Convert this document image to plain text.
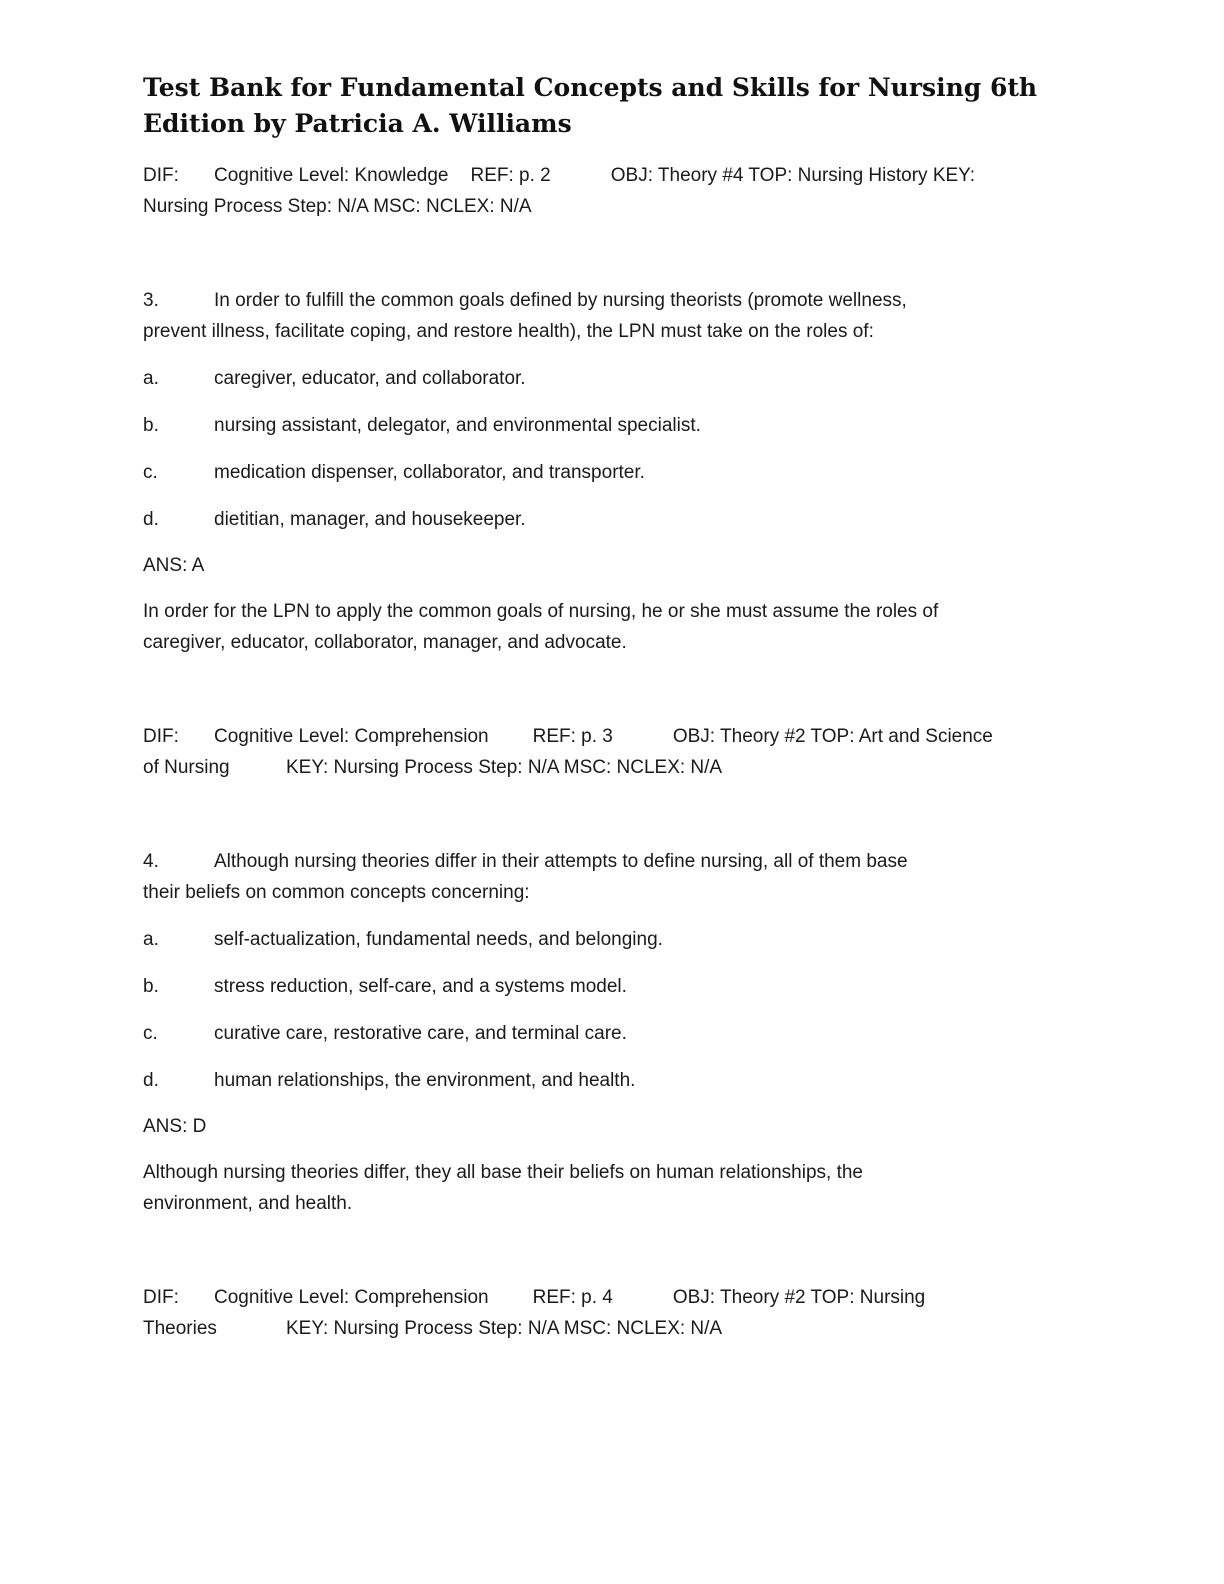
Test Bank for Fundamental Concepts and Skills for Nursing 6th Edition by Patricia A. Williams
DIF: Cognitive Level: Knowledge REF: p. 2	OBJ: Theory #4 TOP: Nursing History KEY:
Nursing Process Step: N/A MSC: NCLEX: N/A
3.	In order to fulfill the common goals defined by nursing theorists (promote wellness,
prevent illness, facilitate coping, and restore health), the LPN must take on the roles of:
a.	caregiver, educator, and collaborator.
b.	nursing assistant, delegator, and environmental specialist.
c.	medication dispenser, collaborator, and transporter.
d.	dietitian, manager, and housekeeper.
ANS: A
In order for the LPN to apply the common goals of nursing, he or she must assume the roles of
caregiver, educator, collaborator, manager, and advocate.
DIF: Cognitive Level: Comprehension REF: p. 3	OBJ: Theory #2 TOP: Art and Science
of Nursing	KEY: Nursing Process Step: N/A MSC: NCLEX: N/A
4.	Although nursing theories differ in their attempts to define nursing, all of them base
their beliefs on common concepts concerning:
a.	self-actualization, fundamental needs, and belonging.
b.	stress reduction, self-care, and a systems model.
c.	curative care, restorative care, and terminal care.
d.	human relationships, the environment, and health.
ANS: D
Although nursing theories differ, they all base their beliefs on human relationships, the
environment, and health.
DIF: Cognitive Level: Comprehension REF: p. 4	OBJ: Theory #2 TOP: Nursing
Theories	KEY: Nursing Process Step: N/A MSC: NCLEX: N/A
